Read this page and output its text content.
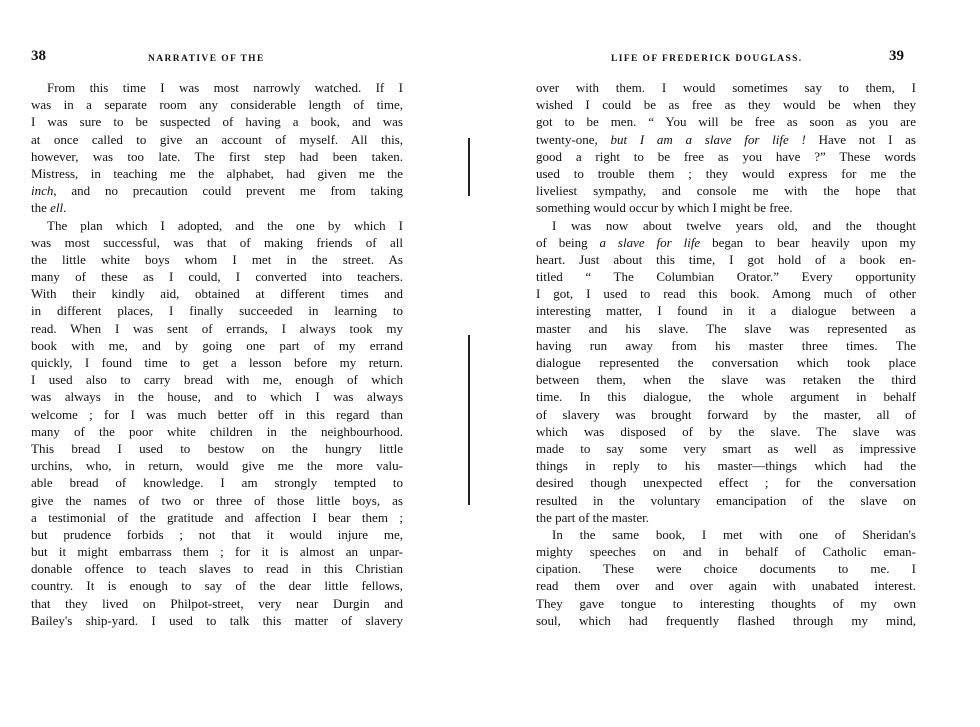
38	NARRATIVE OF THE
From this time I was most narrowly watched. If I
was in a separate room any considerable length of time,
I was sure to be suspected of having a book, and was
at once called to give an account of myself. All this,
however, was too late. The first step had been taken.
Mistress, in teaching me the alphabet, had given me the
inch, and no precaution could prevent me from taking
the ell.
The plan which I adopted, and the one by which I
was most successful, was that of making friends of all
the little white boys whom I met in the street. As
many of these as I could, I converted into teachers.
With their kindly aid, obtained at different times and
in different places, I finally succeeded in learning to
read. When I was sent of errands, I always took my
book with me, and by going one part of my errand
quickly, I found time to get a lesson before my return.
I used also to carry bread with me, enough of which
was always in the house, and to which I was always
welcome ; for I was much better off in this regard than
many of the poor white children in the neighbourhood.
This bread I used to bestow on the hungry little
urchins, who, in return, would give me the more valu-
able bread of knowledge. I am strongly tempted to
give the names of two or three of those little boys, as
a testimonial of the gratitude and affection I bear them ;
but prudence forbids ; not that it would injure me,
but it might embarrass them ; for it is almost an unpar-
donable offence to teach slaves to read in this Christian
country. It is enough to say of the dear little fellows,
that they lived on Philpot-street, very near Durgin and
Bailey's ship-yard. I used to talk this matter of slavery
39
LIFE OF FREDERICK DOUGLASS.
over with them. I would sometimes say to them, I
wished I could be as free as they would be when they
got to be men. “ You will be free as soon as you are
twenty-one, but I am a slave for life ! Have not I as
good a right to be free as you have ?” These words
used to trouble them ; they would express for me the
liveliest sympathy, and console me with the hope that
something would occur by which I might be free.
I was now about twelve years old, and the thought
of being a slave for life began to bear heavily upon my
heart. Just about this time, I got hold of a book en-
titled “ The Columbian Orator.” Every opportunity
I got, I used to read this book. Among much of other
interesting matter, I found in it a dialogue between a
master and his slave. The slave was represented as
having run away from his master three times. The
dialogue represented the conversation which took place
between them, when the slave was retaken the third
time. In this dialogue, the whole argument in behalf
of slavery was brought forward by the master, all of
which was disposed of by the slave. The slave was
made to say some very smart as well as impressive
things in reply to his master—things which had the
desired though unexpected effect ; for the conversation
resulted in the voluntary emancipation of the slave on
the part of the master.
In the same book, I met with one of Sheridan's
mighty speeches on and in behalf of Catholic eman-
cipation. These were choice documents to me. I
read them over and over again with unabated interest.
They gave tongue to interesting thoughts of my own
soul, which had frequently flashed through my mind,
